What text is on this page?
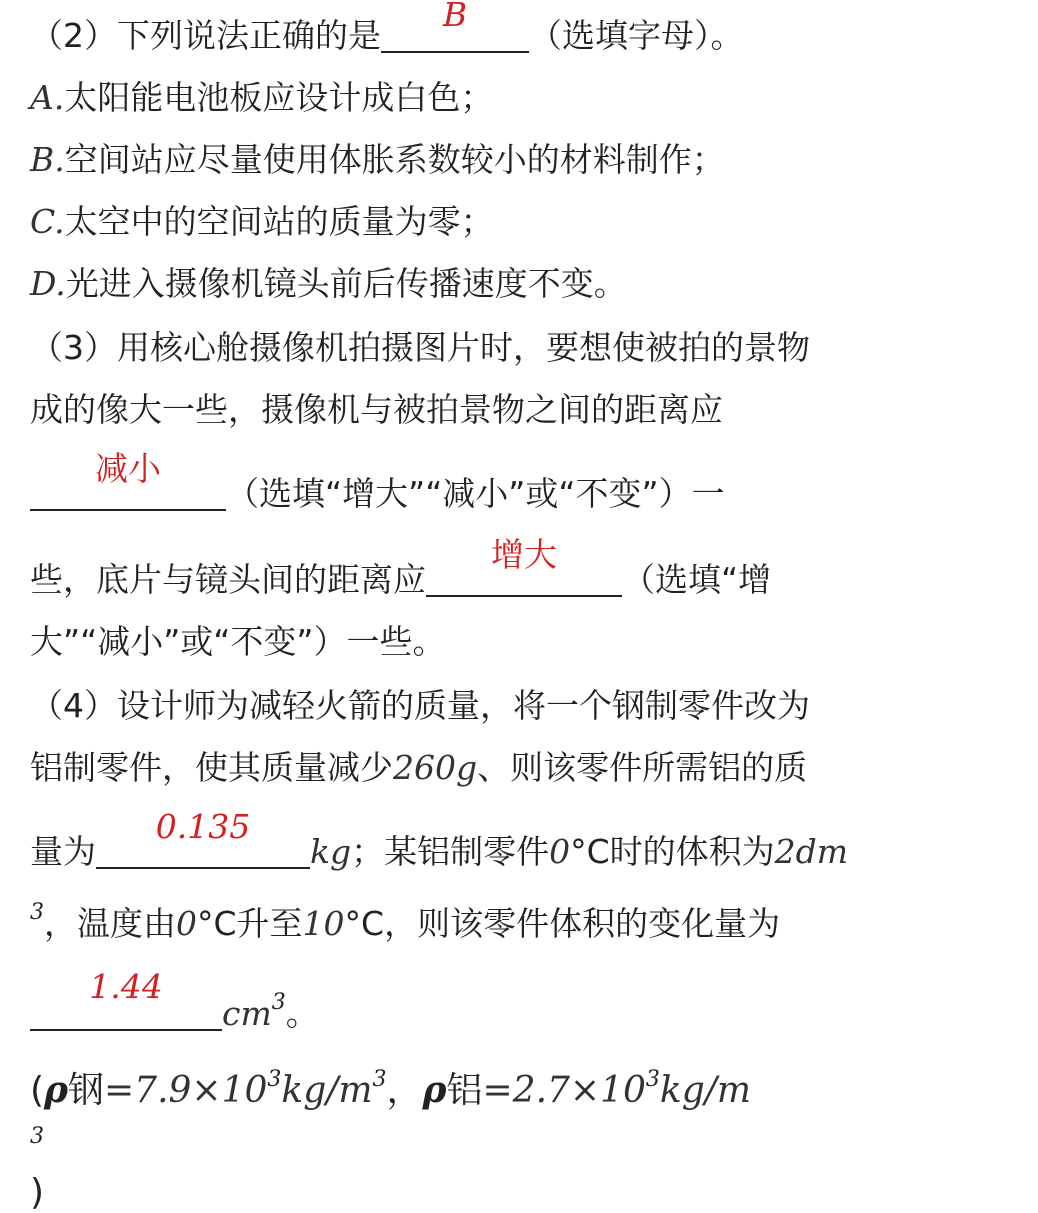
（2）下列说法正确的是
B
（选填字母）。
A.太阳能电池板应设计成白色；
B.空间站应尽量使用体胀系数较小的材料制作；
C.太空中的空间站的质量为零；
D.光进入摄像机镜头前后传播速度不变。
（3）用核心舱摄像机拍摄图片时，要想使被拍的景物
成的像大一些，摄像机与被拍景物之间的距离应
减小
（选填“增大”“减小”或“不变”）一
些，底片与镜头间的距离应
增大
（选填“增
大”“减小”或“不变”）一些。
（4）设计师为减轻火箭的质量，将一个钢制零件改为
铝制零件，使其质量减少260g、则该零件所需铝的质
量为
0.135
kg；某铝制零件0°C时的体积为2dm
$^3$，温度由0°C升至10°C，则该零件体积的变化量为
1.44
$cm^3$。
(ρ钢$=7.9\times 10^3kg/m^3$，ρ铝$=2.7\times 10^3kg/m$
$^3$
)
